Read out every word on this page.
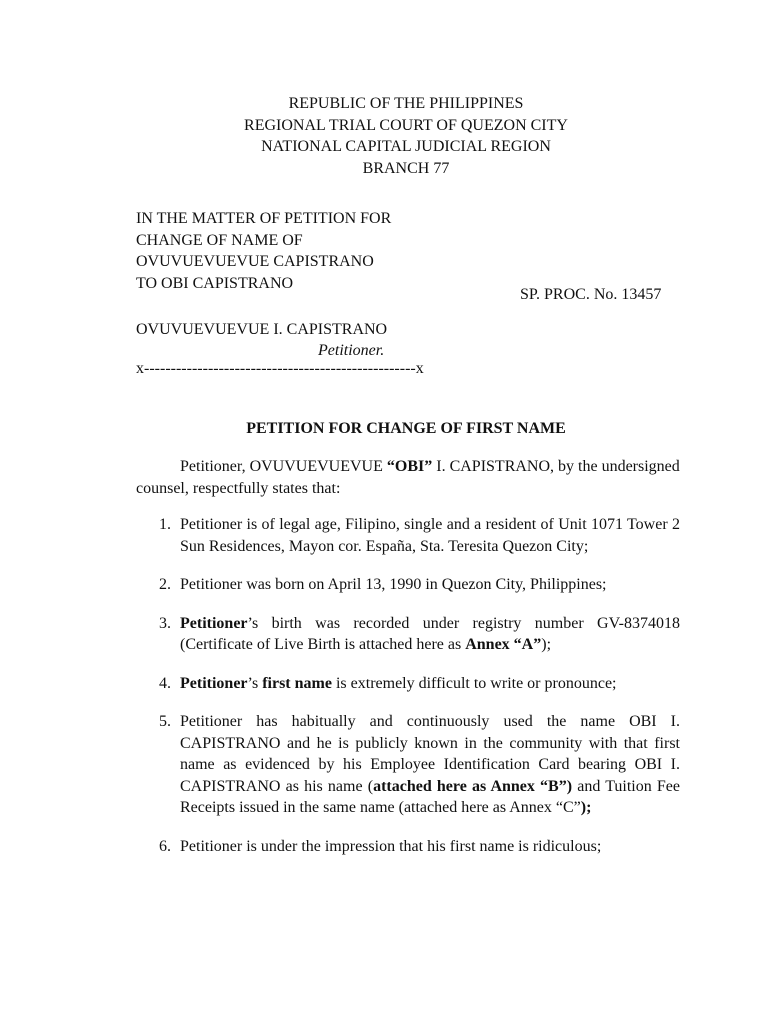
REPUBLIC OF THE PHILIPPINES
REGIONAL TRIAL COURT OF QUEZON CITY
NATIONAL CAPITAL JUDICIAL REGION
BRANCH 77
IN THE MATTER OF PETITION FOR
CHANGE OF NAME OF
OVUVUEVUEVUE CAPISTRANO
TO OBI CAPISTRANO
SP. PROC. No. 13457
OVUVUEVUEVUE I. CAPISTRANO
Petitioner.
x---------------------------------------------------x
PETITION FOR CHANGE OF FIRST NAME
Petitioner, OVUVUEVUEVUE “OBI” I. CAPISTRANO, by the undersigned counsel, respectfully states that:
1. Petitioner is of legal age, Filipino, single and a resident of Unit 1071 Tower 2 Sun Residences, Mayon cor. España, Sta. Teresita Quezon City;
2. Petitioner was born on April 13, 1990 in Quezon City, Philippines;
3. Petitioner’s birth was recorded under registry number GV-8374018 (Certificate of Live Birth is attached here as Annex “A”);
4. Petitioner’s first name is extremely difficult to write or pronounce;
5. Petitioner has habitually and continuously used the name OBI I. CAPISTRANO and he is publicly known in the community with that first name as evidenced by his Employee Identification Card bearing OBI I. CAPISTRANO as his name (attached here as Annex “B”) and Tuition Fee Receipts issued in the same name (attached here as Annex “C”);
6. Petitioner is under the impression that his first name is ridiculous;
